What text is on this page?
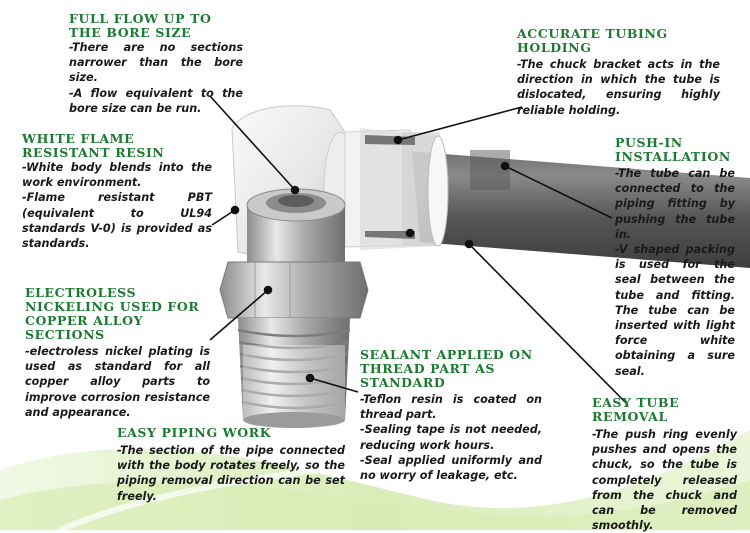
FULL FLOW UP TO THE BORE SIZE

-There are no sections narrower than the bore size.

-A flow equivalent to the bore size can be run.

ACCURATE TUBING HOLDING

-The chuck bracket acts in the direction in which the tube is dislocated, ensuring highly reliable holding.

WHITE FLAME RESISTANT RESIN

-White body blends into the work environment.

-Flame resistant PBT (equivalent to UL94 standards V-0) is provided as standards.

PUSH-IN INSTALLATION

-The tube can be connected to the piping fitting by pushing the tube in.

-V shaped packing is used for the seal between the tube and fitting. The tube can be inserted with light force white obtaining a sure seal.

ELECTROLESS NICKELING USED FOR COPPER ALLOY SECTIONS

-electroless nickel plating is used as standard for all copper alloy parts to improve corrosion resistance and appearance.

SEALANT APPLIED ON THREAD PART AS STANDARD

-Teflon resin is coated on thread part.

-Sealing tape is not needed, reducing work hours.

-Seal applied uniformly and no worry of leakage, etc.

EASY PIPING WORK

-The section of the pipe connected with the body rotates freely, so the piping removal direction can be set freely.

EASY TUBE REMOVAL

-The push ring evenly pushes and opens the chuck, so the tube is completely released from the chuck and can be removed smoothly.
